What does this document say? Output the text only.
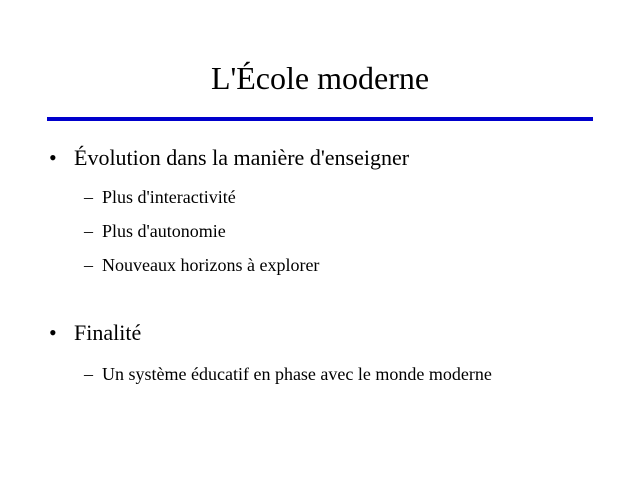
L'École moderne
• Évolution dans la manière d'enseigner
– Plus d'interactivité
– Plus d'autonomie
– Nouveaux horizons à explorer
• Finalité
– Un système éducatif en phase avec le monde moderne
